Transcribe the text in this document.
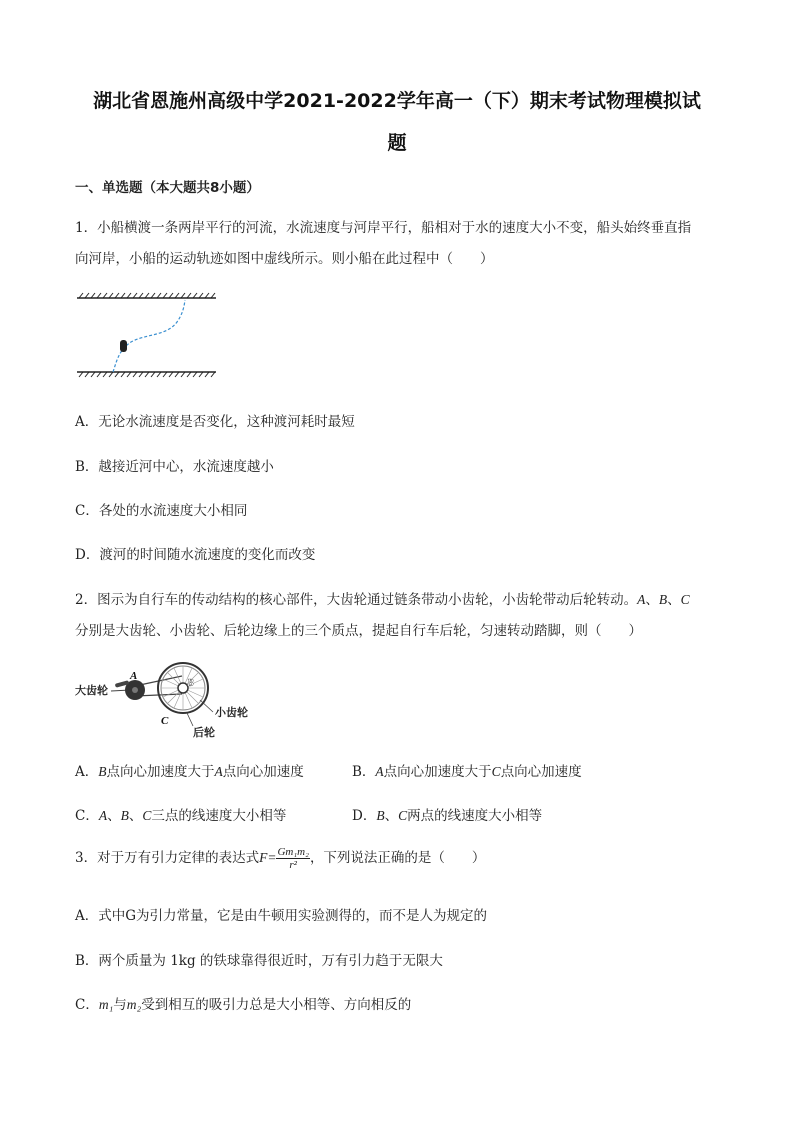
湖北省恩施州高级中学2021-2022学年高一（下）期末考试物理模拟试
题
一、单选题（本大题共8小题）
1．小船横渡一条两岸平行的河流，水流速度与河岸平行，船相对于水的速度大小不变，船头始终垂直指
向河岸，小船的运动轨迹如图中虚线所示。则小船在此过程中（　　）
A．无论水流速度是否变化，这种渡河耗时最短
B．越接近河中心，水流速度越小
C．各处的水流速度大小相同
D．渡河的时间随水流速度的变化而改变
2．图示为自行车的传动结构的核心部件，大齿轮通过链条带动小齿轮，小齿轮带动后轮转动。A、B、C
分别是大齿轮、小齿轮、后轮边缘上的三个质点，提起自行车后轮，匀速转动踏脚，则（　　）
大齿轮
A
B
C
小齿轮
后轮
A．B点向心加速度大于A点向心加速度	B．A点向心加速度大于C点向心加速度
C．A、B、C三点的线速度大小相等	D．B、C两点的线速度大小相等
3．对于万有引力定律的表达式$F= \frac{\text{Gm₁m₂}}{\text{r²}}$ ，下列说法正确的是（　　）
A．式中G为引力常量，它是由牛顿用实验测得的，而不是人为规定的
B．两个质量为 1kg 的铁球靠得很近时，万有引力趋于无限大
C．m₁与m₂受到相互的吸引力总是大小相等、方向相反的
